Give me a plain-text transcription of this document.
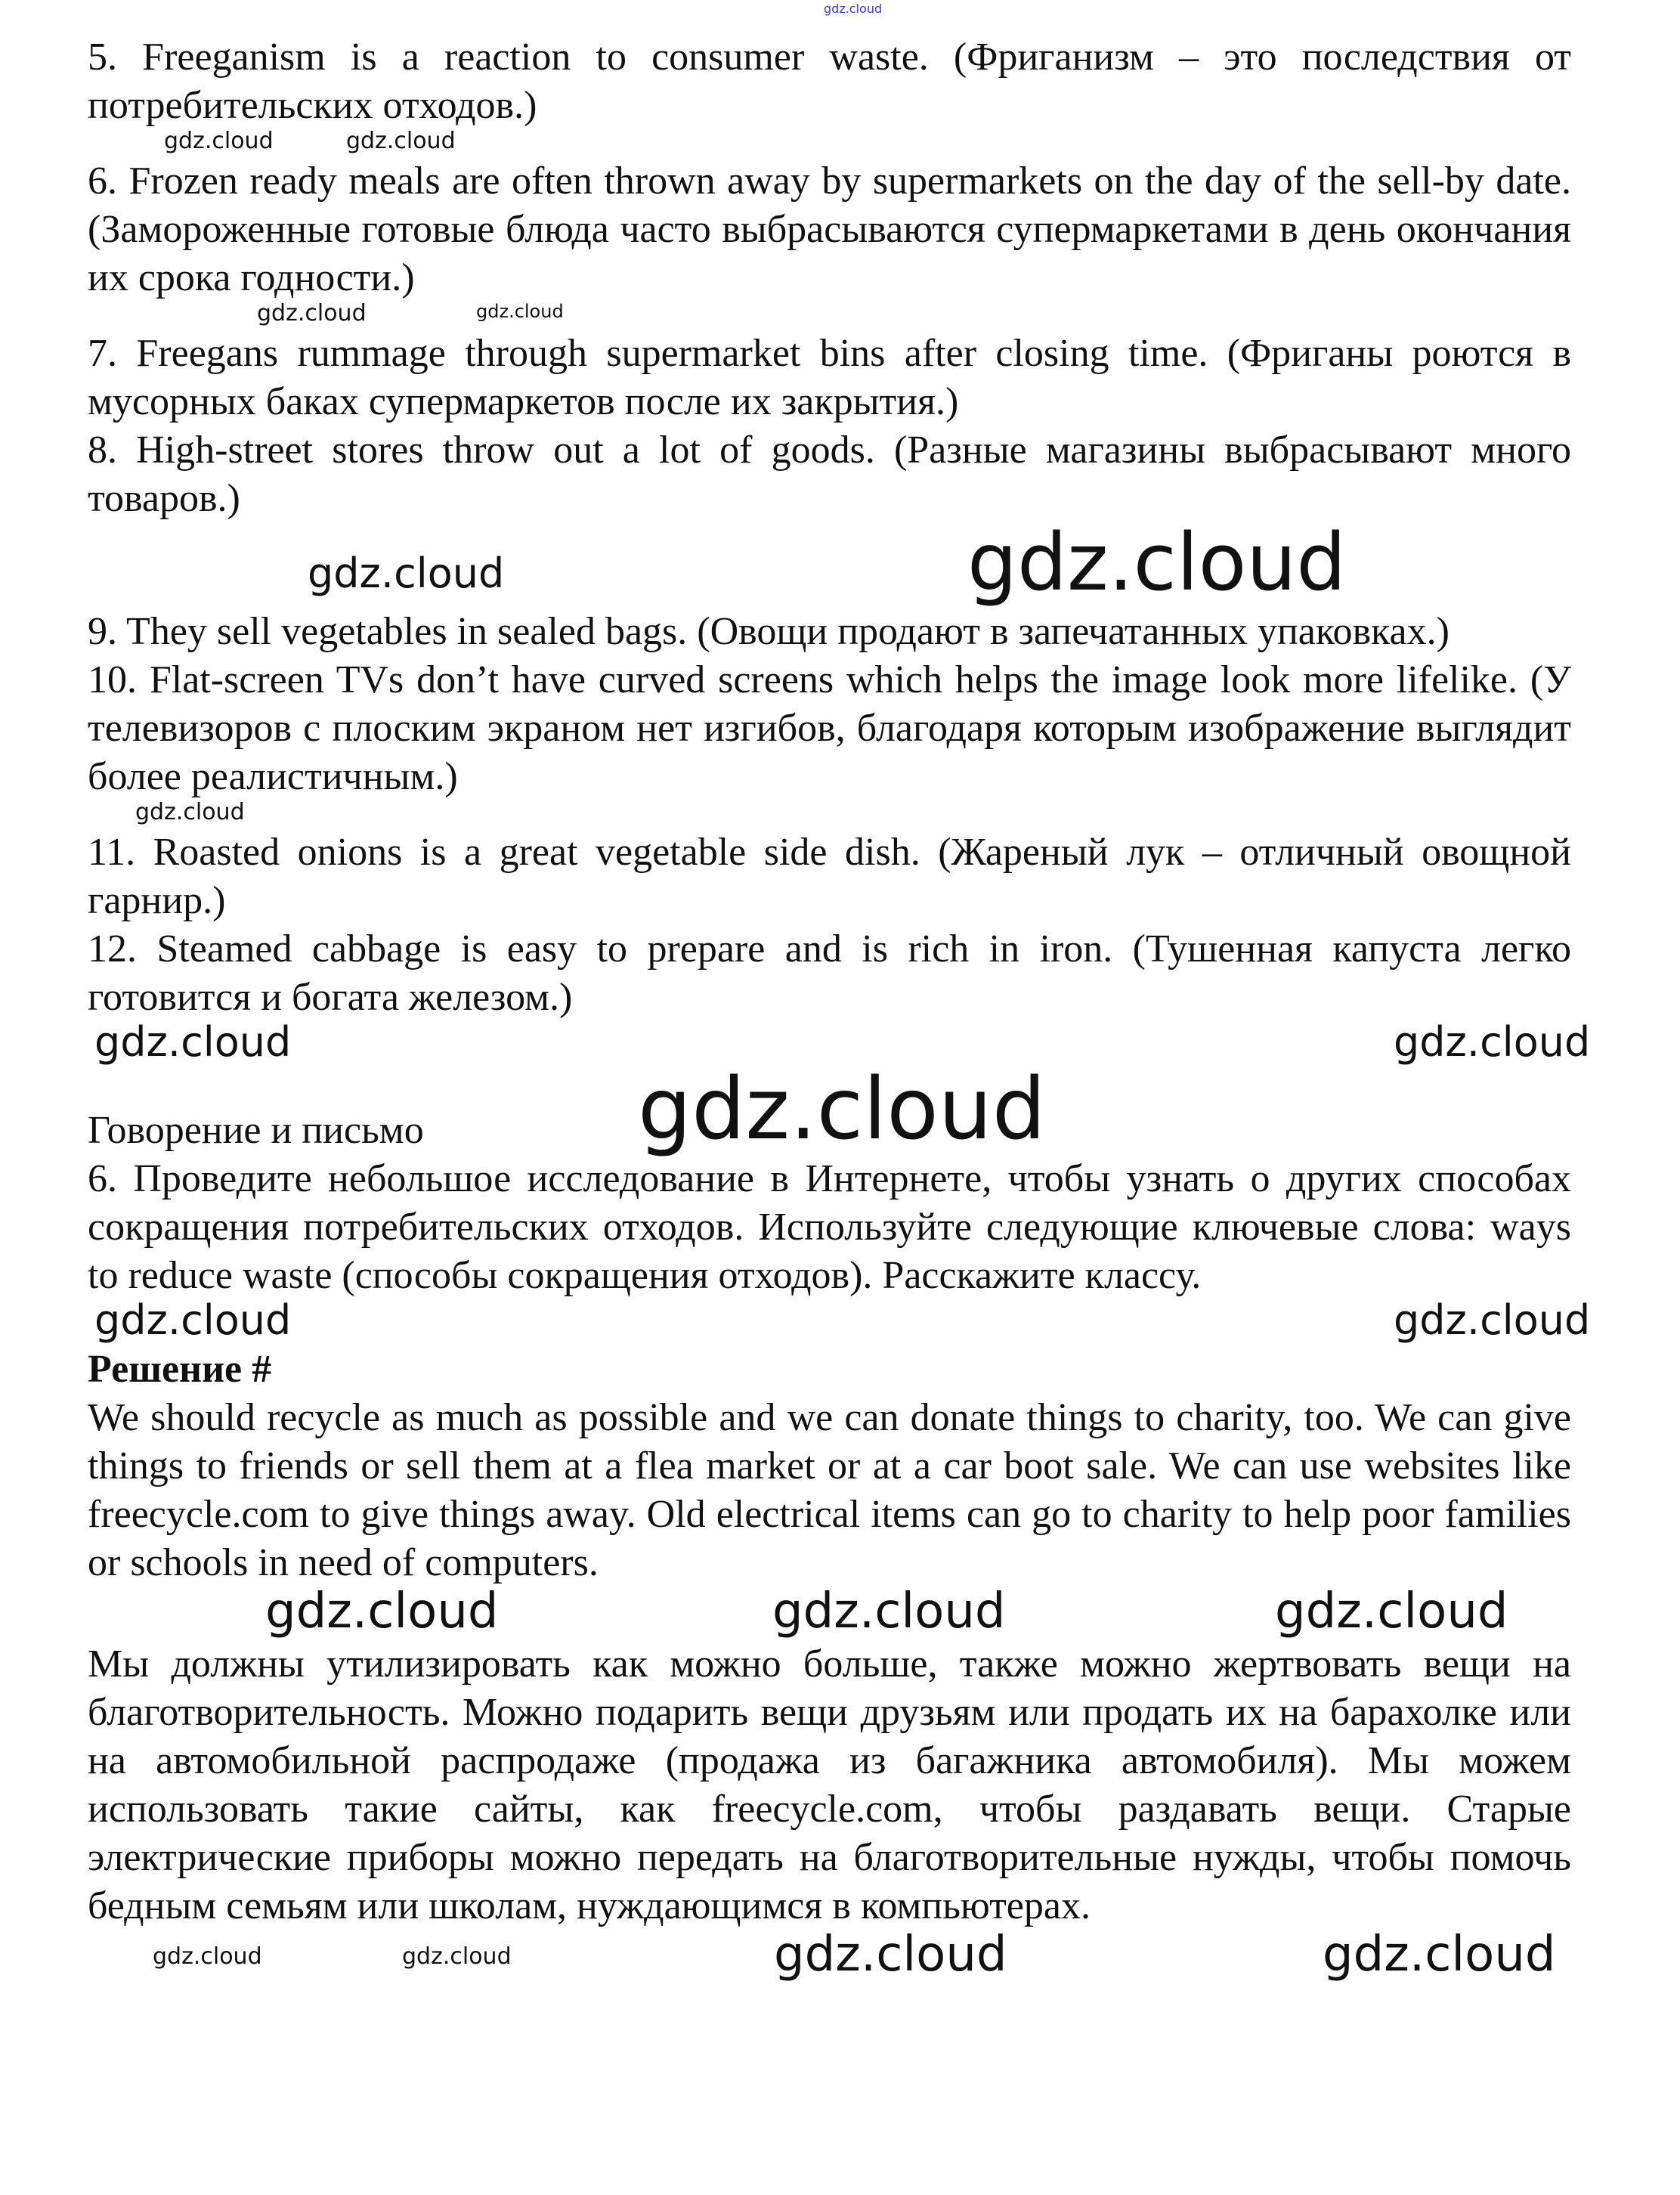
gdz.cloud

5. Freeganism is a reaction to consumer waste. (Фриганизм – это последствия от потребительских отходов.)

gdz.cloud	gdz.cloud

6. Frozen ready meals are often thrown away by supermarkets on the day of the sell-by date. (Замороженные готовые блюда часто выбрасываются супермаркетами в день окончания их срока годности.)

gdz.cloud	gdz.cloud

7. Freegans rummage through supermarket bins after closing time. (Фриганы роются в мусорных баках супермаркетов после их закрытия.)

8. High-street stores throw out a lot of goods. (Разные магазины выбрасывают много товаров.)

gdz.cloud	gdz.cloud

9. They sell vegetables in sealed bags. (Овощи продают в запечатанных упаковках.)

10. Flat-screen TVs don’t have curved screens which helps the image look more lifelike. (У телевизоров с плоским экраном нет изгибов, благодаря которым изображение выглядит более реалистичным.)

gdz.cloud

11. Roasted onions is a great vegetable side dish. (Жареный лук – отличный овощной гарнир.)

12. Steamed cabbage is easy to prepare and is rich in iron. (Тушенная капуста легко готовится и богата железом.)

gdz.cloud	gdz.cloud
Говорение и письмо	gdz.cloud

6. Проведите небольшое исследование в Интернете, чтобы узнать о других способах сокращения потребительских отходов. Используйте следующие ключевые слова: ways to reduce waste (способы сокращения отходов). Расскажите классу.

gdz.cloud	gdz.cloud

Решение #

We should recycle as much as possible and we can donate things to charity, too. We can give things to friends or sell them at a flea market or at a car boot sale. We can use websites like freecycle.com to give things away. Old electrical items can go to charity to help poor families or schools in need of computers.

gdz.cloud	gdz.cloud	gdz.cloud

Мы должны утилизировать как можно больше, также можно жертвовать вещи на благотворительность. Можно подарить вещи друзьям или продать их на барахолке или на автомобильной распродаже (продажа из багажника автомобиля). Мы можем использовать такие сайты, как freecycle.com, чтобы раздавать вещи. Старые электрические приборы можно передать на благотворительные нужды, чтобы помочь бедным семьям или школам, нуждающимся в компьютерах.

gdz.cloud	gdz.cloud	gdz.cloud	gdz.cloud
